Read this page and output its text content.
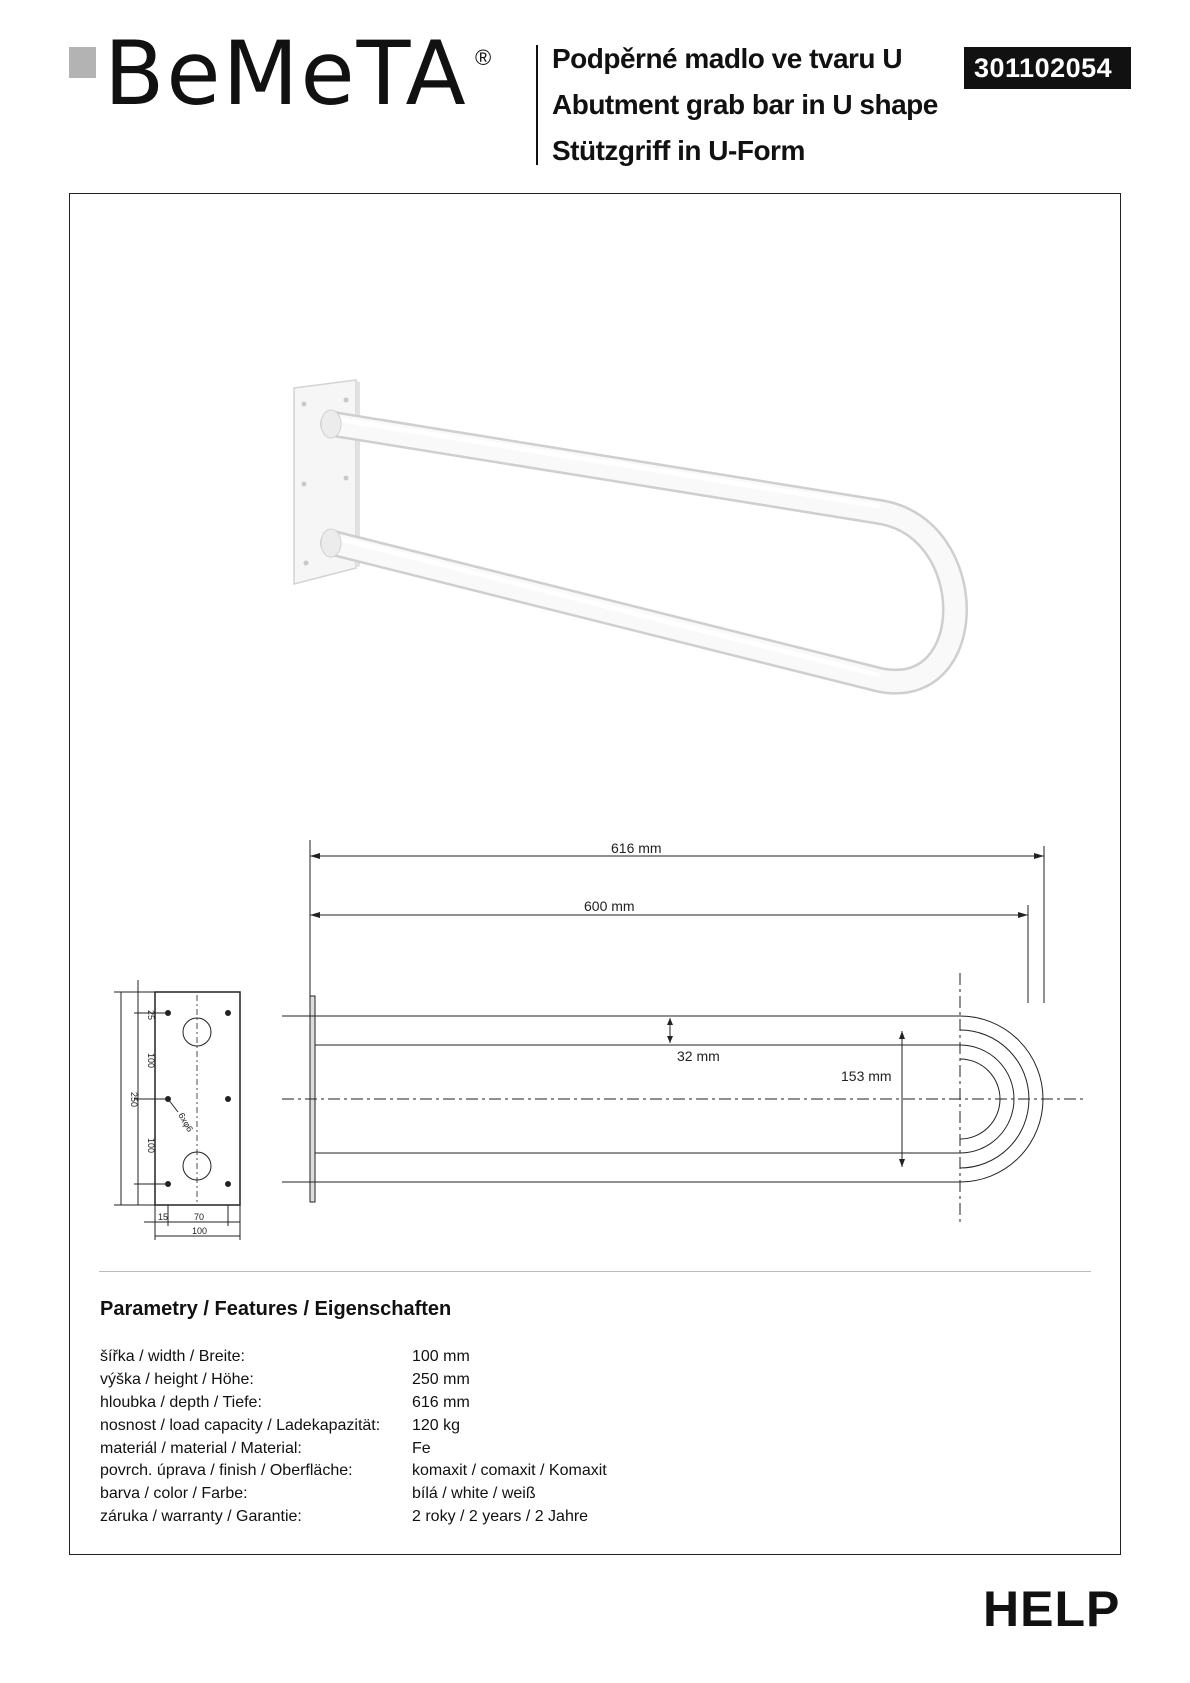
BeMeTA ® Podpěrné madlo ve tvaru U
Abutment grab bar in U shape
Stützgriff in U-Form
301102054
616 mm
600 mm
32 mm
153 mm
25
100
250
100
6xφ6
15	70
100
Parametry / Features / Eigenschaften
šířka / width / Breite:	100 mm
výška / height / Höhe:	250 mm
hloubka / depth / Tiefe:	616 mm
nosnost / load capacity / Ladekapazität: 120 kg
materiál / material / Material:	Fe
povrch. úprava / finish / Oberfläche:	komaxit / comaxit / Komaxit
barva / color / Farbe:	bílá / white / weiß
záruka / warranty / Garantie:	2 roky / 2 years / 2 Jahre
HELP
